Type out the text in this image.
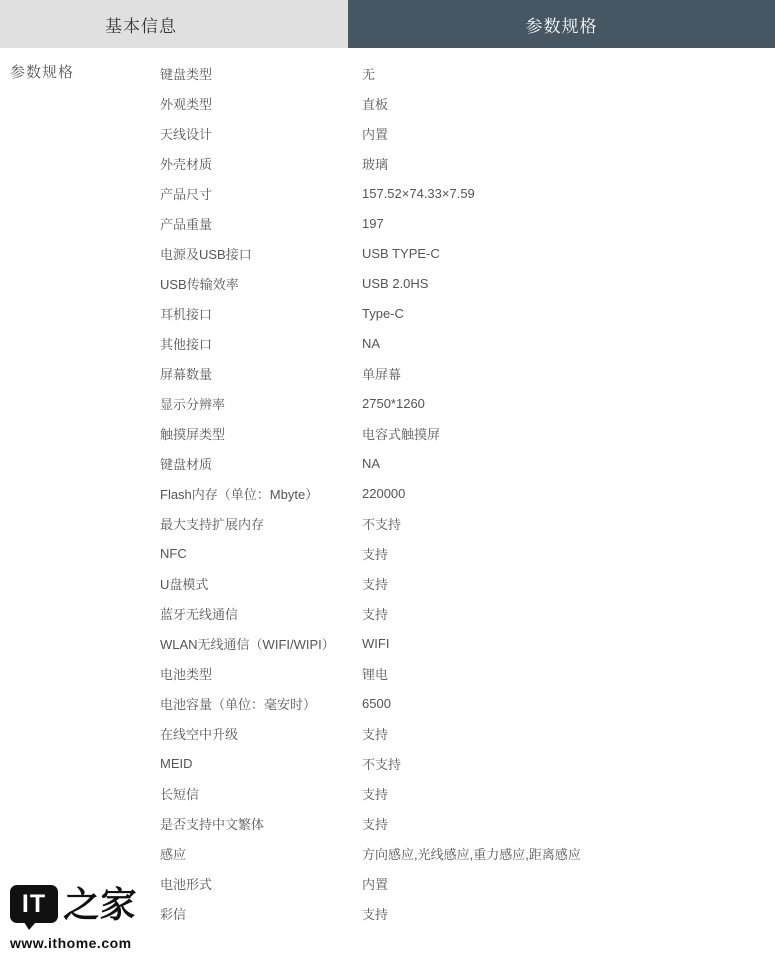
基本信息	参数规格
参数规格	键盘类型	无
外观类型	直板
天线设计	内置
外壳材质	玻璃
产品尺寸	157.52×74.33×7.59
产品重量	197
电源及USB接口	USB TYPE-C
USB传输效率	USB 2.0HS
耳机接口	Type-C
其他接口	NA
屏幕数量	单屏幕
显示分辨率	2750*1260
触摸屏类型	电容式触摸屏
键盘材质	NA
Flash内存（单位：Mbyte）	220000
最大支持扩展内存	不支持
NFC	支持
U盘模式	支持
蓝牙无线通信	支持
WLAN无线通信（WIFI/WIPI）	WIFI
电池类型	锂电
电池容量（单位：毫安时）	6500
在线空中升级	支持
MEID	不支持
长短信	支持
是否支持中文繁体	支持
感应	方向感应,光线感应,重力感应,距离感应
电池形式	内置
彩信	支持
IT 之家
www.ithome.com
